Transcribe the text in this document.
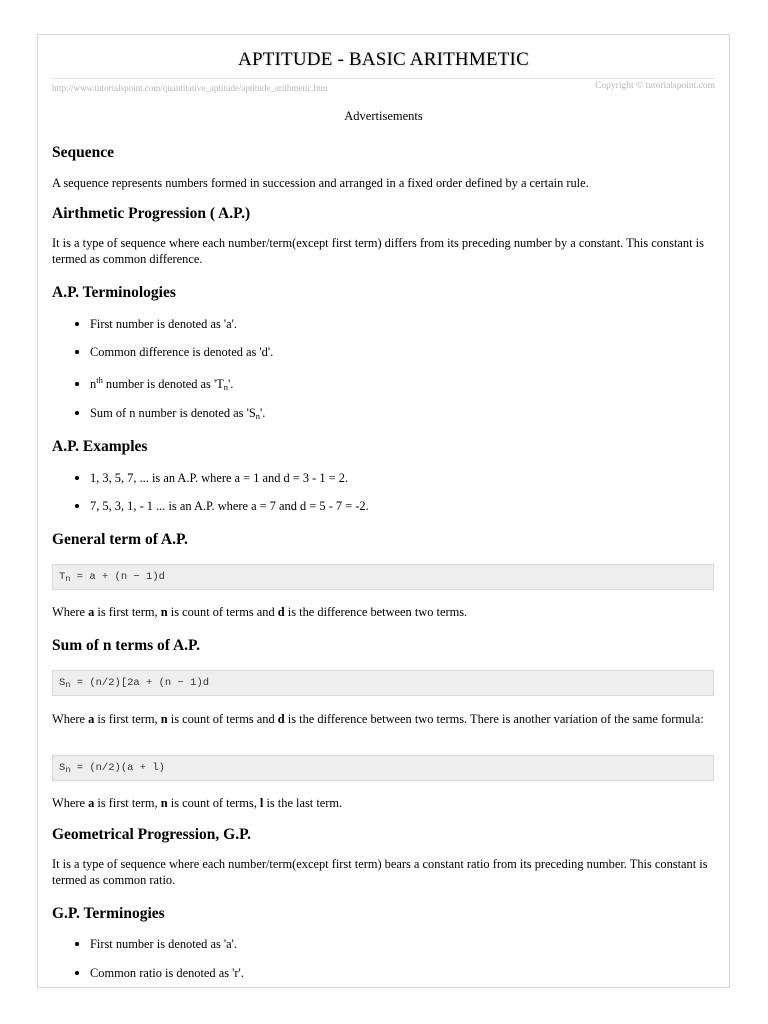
APTITUDE - BASIC ARITHMETIC
http://www.tutorialspoint.com/quantitative_aptitude/aptitude_arithmetic.htm	Copyright © tutorialspoint.com
Advertisements
Sequence

A sequence represents numbers formed in succession and arranged in a fixed order defined by a certain rule.

Airthmetic Progression ( A.P.)

It is a type of sequence where each number/term(except first term) differs from its preceding number by a constant. This constant is termed as common difference.

A.P. Terminologies
First number is denoted as 'a'.
Common difference is denoted as 'd'.
$n^{th}$ number is denoted as '$T_n$'.
Sum of n number is denoted as '$S_n$'.
A.P. Examples
1, 3, 5, 7, ... is an A.P. where a = 1 and d = 3 - 1 = 2.
7, 5, 3, 1, - 1 ... is an A.P. where a = 7 and d = 5 - 7 = -2.
General term of A.P.
$T_n = a + (n - 1)d$

Where a is first term, n is count of terms and d is the difference between two terms.

Sum of n terms of A.P.
$S_n = (n/2)[2a + (n - 1)d$

Where a is first term, n is count of terms and d is the difference between two terms. There is another variation of the same formula:

$S_n = (n/2)(a + l)$

Where a is first term, n is count of terms, l is the last term.

Geometrical Progression, G.P.

It is a type of sequence where each number/term(except first term) bears a constant ratio from its preceding number. This constant is termed as common ratio.

G.P. Terminogies
First number is denoted as 'a'.
Common ratio is denoted as 'r'.
